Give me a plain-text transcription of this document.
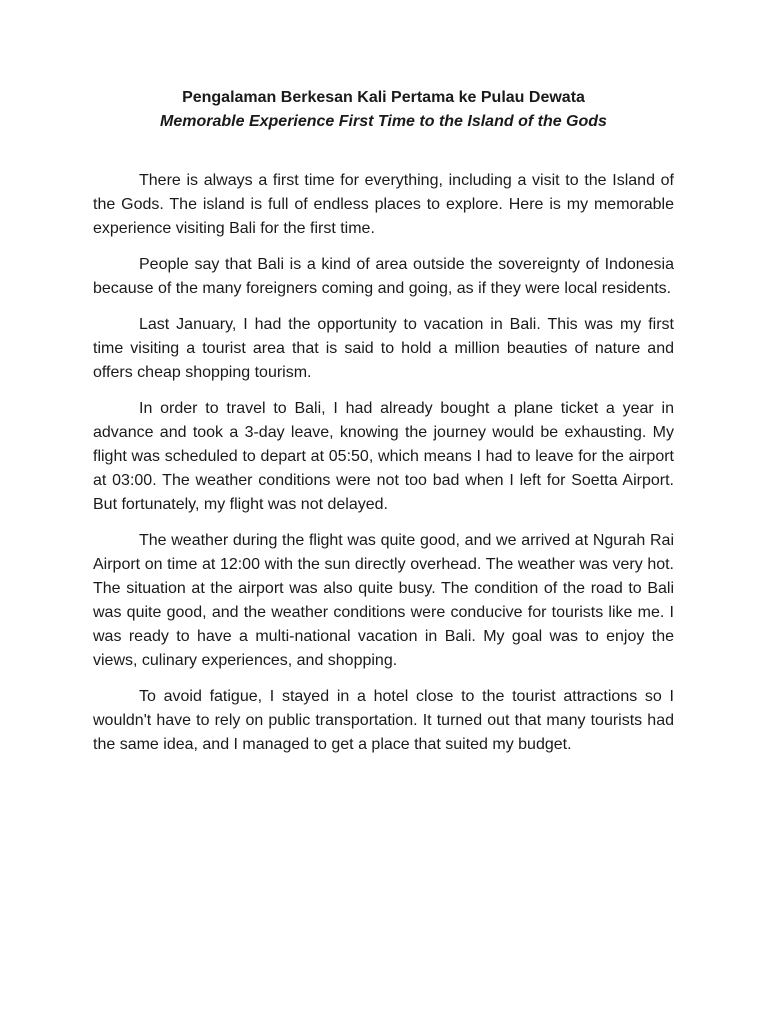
Pengalaman Berkesan Kali Pertama ke Pulau Dewata
Memorable Experience First Time to the Island of the Gods

There is always a first time for everything, including a visit to the Island of the Gods. The island is full of endless places to explore. Here is my memorable experience visiting Bali for the first time.

People say that Bali is a kind of area outside the sovereignty of Indonesia because of the many foreigners coming and going, as if they were local residents.

Last January, I had the opportunity to vacation in Bali. This was my first time visiting a tourist area that is said to hold a million beauties of nature and offers cheap shopping tourism.

In order to travel to Bali, I had already bought a plane ticket a year in advance and took a 3-day leave, knowing the journey would be exhausting. My flight was scheduled to depart at 05:50, which means I had to leave for the airport at 03:00. The weather conditions were not too bad when I left for Soetta Airport. But fortunately, my flight was not delayed.

The weather during the flight was quite good, and we arrived at Ngurah Rai Airport on time at 12:00 with the sun directly overhead. The weather was very hot. The situation at the airport was also quite busy. The condition of the road to Bali was quite good, and the weather conditions were conducive for tourists like me. I was ready to have a multi-national vacation in Bali. My goal was to enjoy the views, culinary experiences, and shopping.

To avoid fatigue, I stayed in a hotel close to the tourist attractions so I wouldn't have to rely on public transportation. It turned out that many tourists had the same idea, and I managed to get a place that suited my budget.
